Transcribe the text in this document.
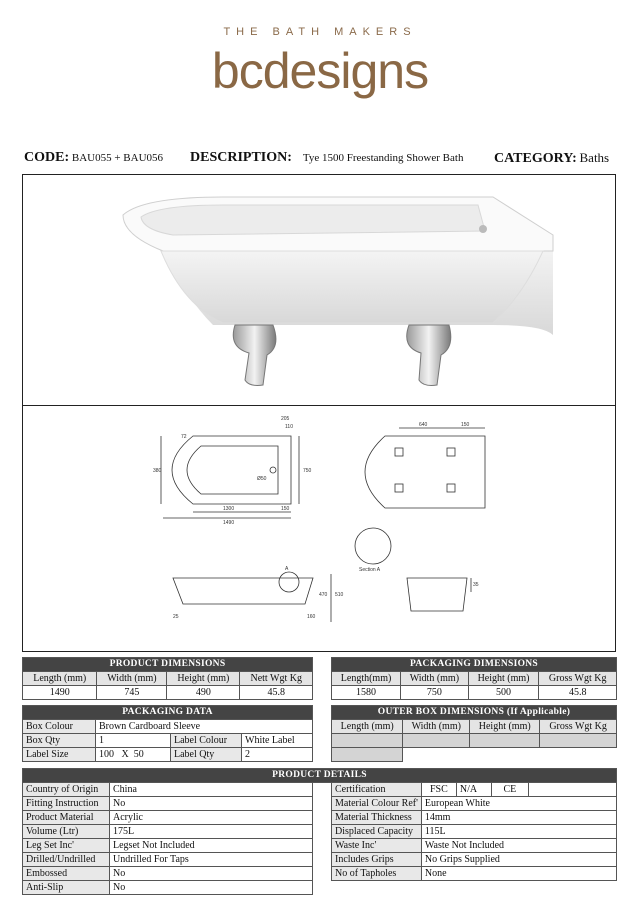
THE BATH MAKERS
bcdesigns
CODE: BAU055 + BAU056 DESCRIPTION: Tye 1500 Freestanding Shower Bath CATEGORY: Baths
205
110
72
380	750
Ø50
1300
1490
150
640	150
Section A
A
470 510
160
25
35
PRODUCT DIMENSIONS			
Length (mm)	Width (mm)	Height (mm)	Nett Wgt Kg
1490	745	490	45.8
PACKAGING DIMENSIONS			
Length(mm)	Width (mm)	Height (mm)	Gross Wgt Kg
1580	750	500	45.8
PACKAGING DATA			
Box Colour	Brown Cardboard Sleeve		
Box Qty	1	Label Colour	White Label
Label Size	100   X  50	Label Qty	2
OUTER BOX DIMENSIONS (If Applicable)			
Length (mm)	Width (mm)	Height (mm)	Gross Wgt Kg

PRODUCT DETAILS
Country of Origin	China
Fitting Instruction	No
Product Material	Acrylic
Volume (Ltr)	175L
Leg Set Inc'	Legset Not Included
Drilled/Undrilled	Undrilled For Taps
Embossed	No
Anti-Slip	No
Certification		FSC	N/A	CE	

Material Colour Ref'	European White
Material Thickness	14mm
Displaced Capacity	115L
Waste Inc'	Waste Not Included
Includes Grips	No Grips Supplied
No of Tapholes	None
